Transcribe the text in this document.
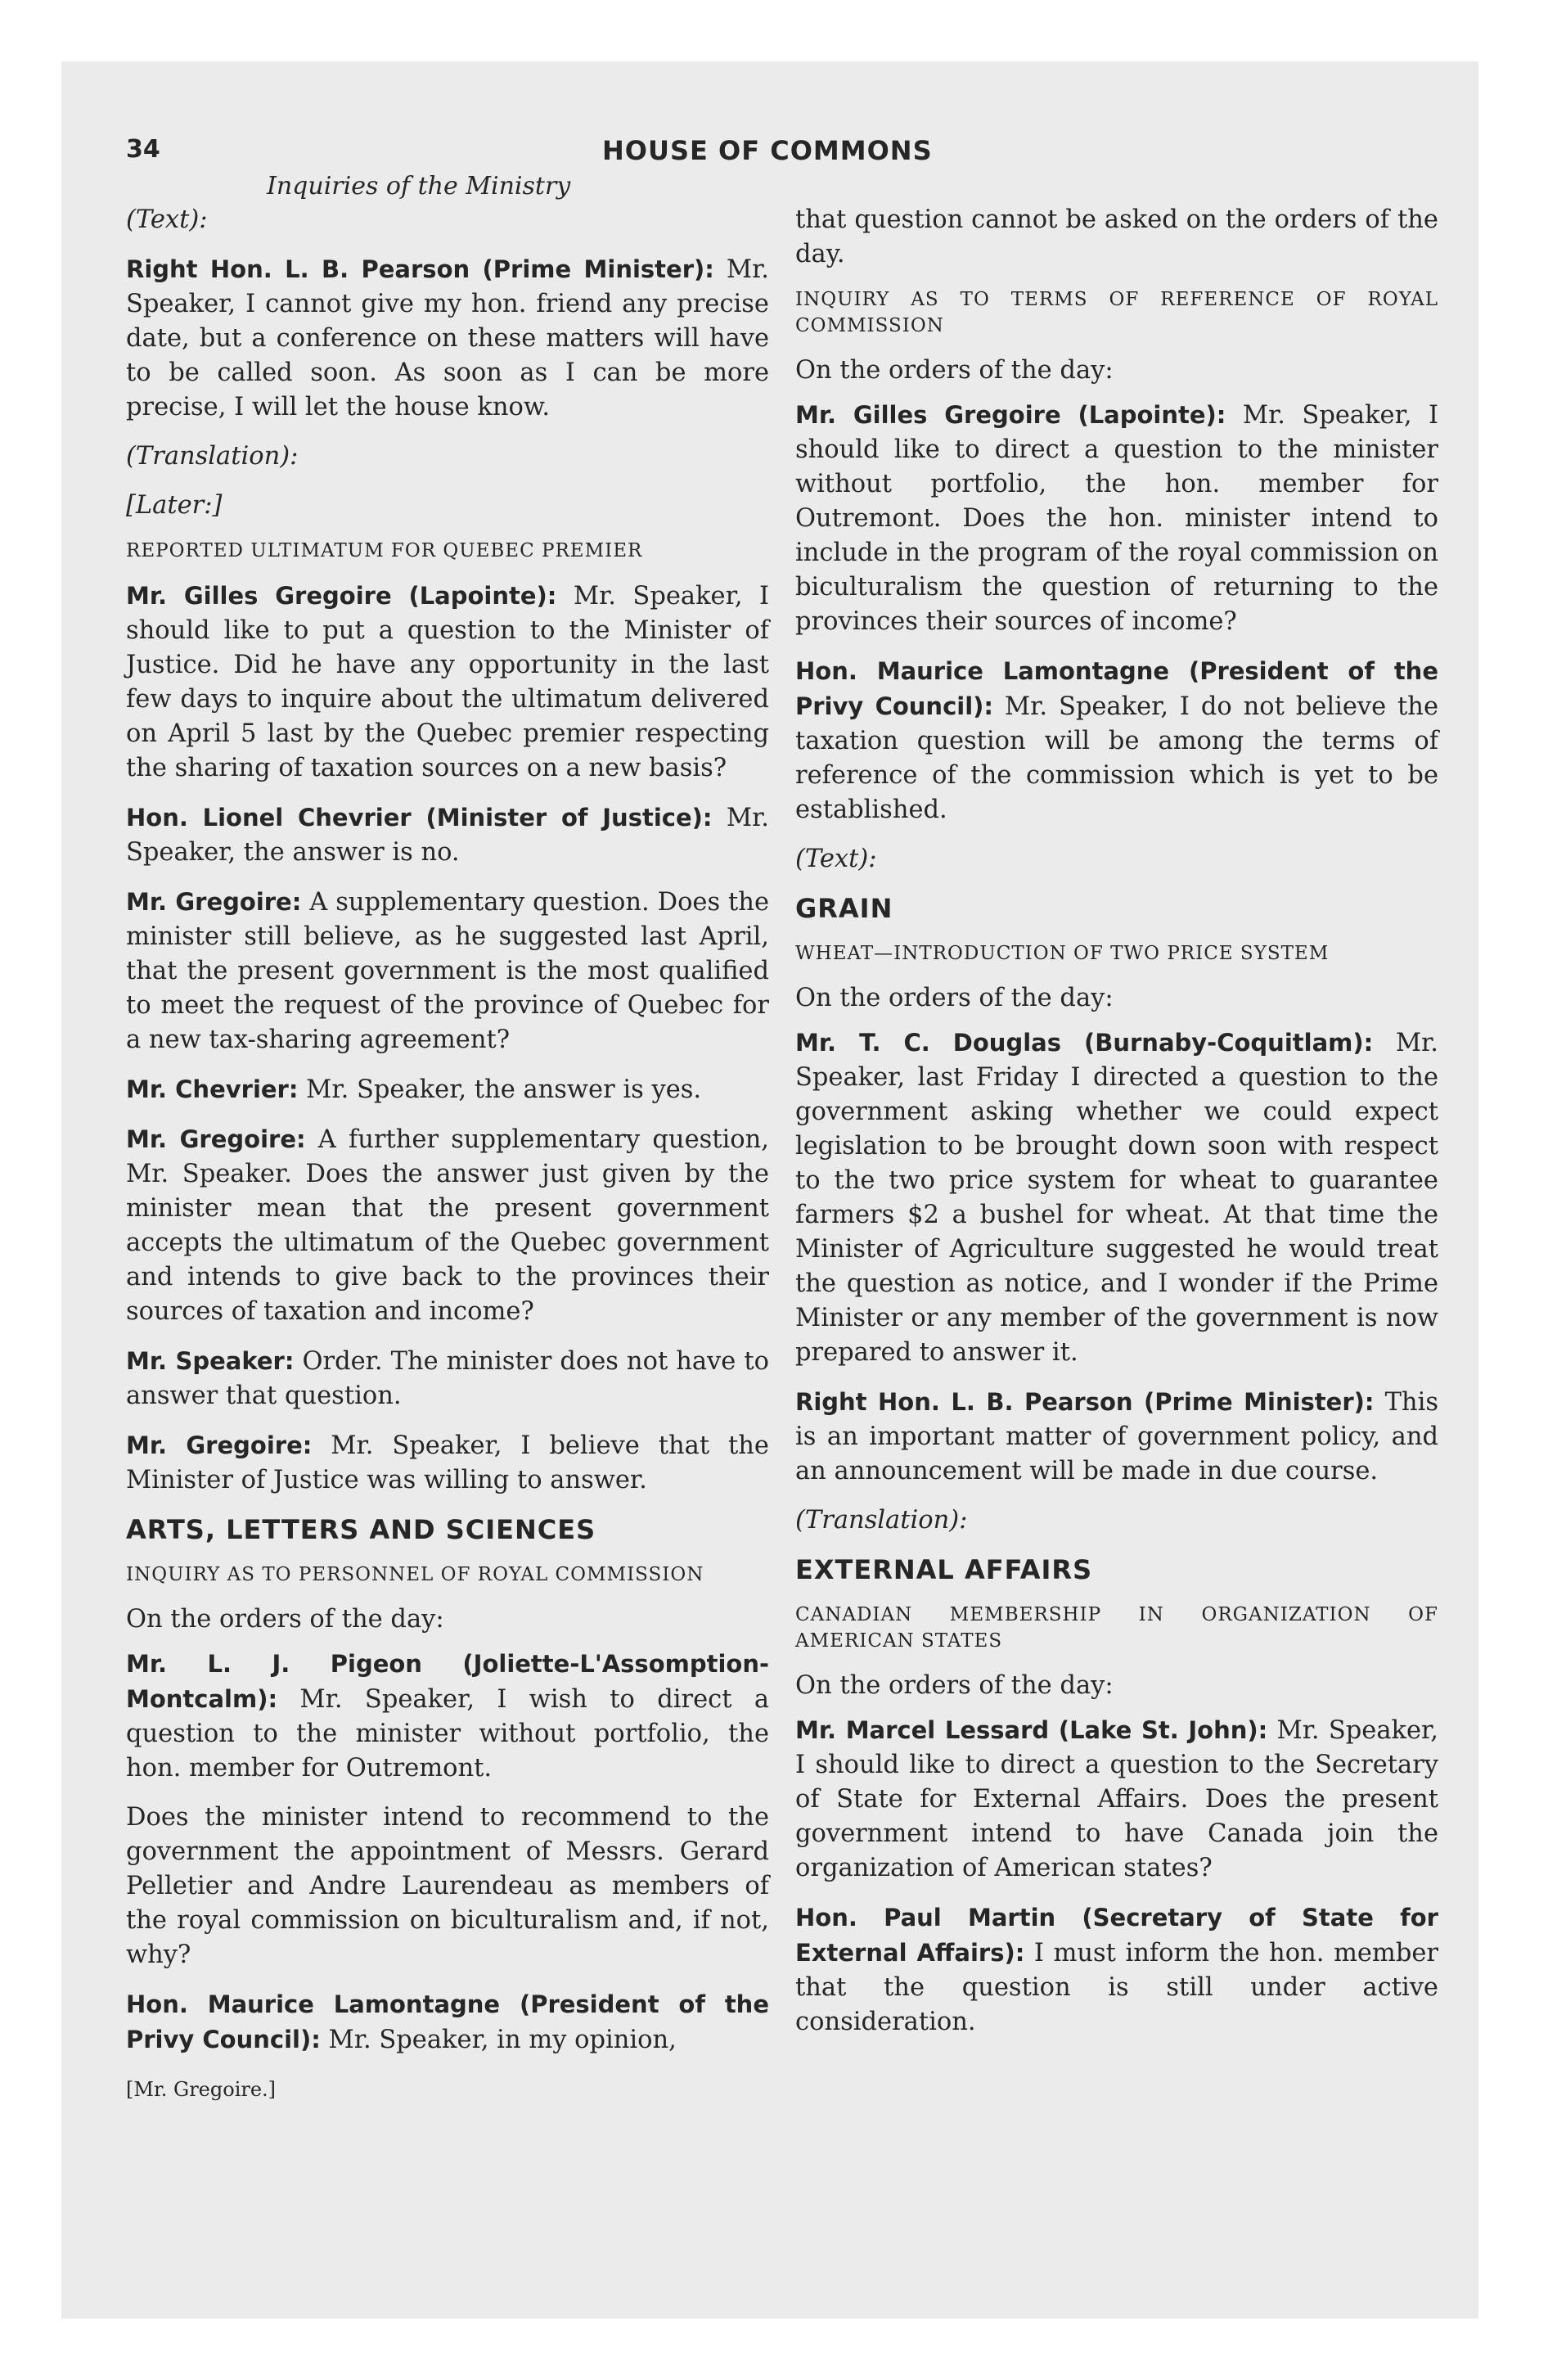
34	HOUSE OF COMMONS

Inquiries of the Ministry

(Text):

Right Hon. L. B. Pearson (Prime Minister): Mr. Speaker, I cannot give my hon. friend any precise date, but a conference on these matters will have to be called soon. As soon as I can be more precise, I will let the house know.

(Translation):

[Later:]

REPORTED ULTIMATUM FOR QUEBEC PREMIER

Mr. Gilles Gregoire (Lapointe): Mr. Speaker, I should like to put a question to the Minister of Justice. Did he have any opportunity in the last few days to inquire about the ultimatum delivered on April 5 last by the Quebec premier respecting the sharing of taxation sources on a new basis?

Hon. Lionel Chevrier (Minister of Justice): Mr. Speaker, the answer is no.

Mr. Gregoire: A supplementary question. Does the minister still believe, as he suggested last April, that the present government is the most qualified to meet the request of the province of Quebec for a new tax-sharing agreement?

Mr. Chevrier: Mr. Speaker, the answer is yes.

Mr. Gregoire: A further supplementary question, Mr. Speaker. Does the answer just given by the minister mean that the present government accepts the ultimatum of the Quebec government and intends to give back to the provinces their sources of taxation and income?

Mr. Speaker: Order. The minister does not have to answer that question.

Mr. Gregoire: Mr. Speaker, I believe that the Minister of Justice was willing to answer.

ARTS, LETTERS AND SCIENCES

INQUIRY AS TO PERSONNEL OF ROYAL COMMISSION

On the orders of the day:

Mr. L. J. Pigeon (Joliette-L'Assomption-Montcalm): Mr. Speaker, I wish to direct a question to the minister without portfolio, the hon. member for Outremont.

Does the minister intend to recommend to the government the appointment of Messrs. Gerard Pelletier and Andre Laurendeau as members of the royal commission on biculturalism and, if not, why?

Hon. Maurice Lamontagne (President of the Privy Council): Mr. Speaker, in my opinion,

[Mr. Gregoire.]

that question cannot be asked on the orders of the day.

INQUIRY AS TO TERMS OF REFERENCE OF ROYAL COMMISSION

On the orders of the day:

Mr. Gilles Gregoire (Lapointe): Mr. Speaker, I should like to direct a question to the minister without portfolio, the hon. member for Outremont. Does the hon. minister intend to include in the program of the royal commission on biculturalism the question of returning to the provinces their sources of income?

Hon. Maurice Lamontagne (President of the Privy Council): Mr. Speaker, I do not believe the taxation question will be among the terms of reference of the commission which is yet to be established.

(Text):

GRAIN

WHEAT—INTRODUCTION OF TWO PRICE SYSTEM

On the orders of the day:

Mr. T. C. Douglas (Burnaby-Coquitlam): Mr. Speaker, last Friday I directed a question to the government asking whether we could expect legislation to be brought down soon with respect to the two price system for wheat to guarantee farmers $2 a bushel for wheat. At that time the Minister of Agriculture suggested he would treat the question as notice, and I wonder if the Prime Minister or any member of the government is now prepared to answer it.

Right Hon. L. B. Pearson (Prime Minister): This is an important matter of government policy, and an announcement will be made in due course.

(Translation):

EXTERNAL AFFAIRS

CANADIAN MEMBERSHIP IN ORGANIZATION OF AMERICAN STATES

On the orders of the day:

Mr. Marcel Lessard (Lake St. John): Mr. Speaker, I should like to direct a question to the Secretary of State for External Affairs. Does the present government intend to have Canada join the organization of American states?

Hon. Paul Martin (Secretary of State for External Affairs): I must inform the hon. member that the question is still under active consideration.
